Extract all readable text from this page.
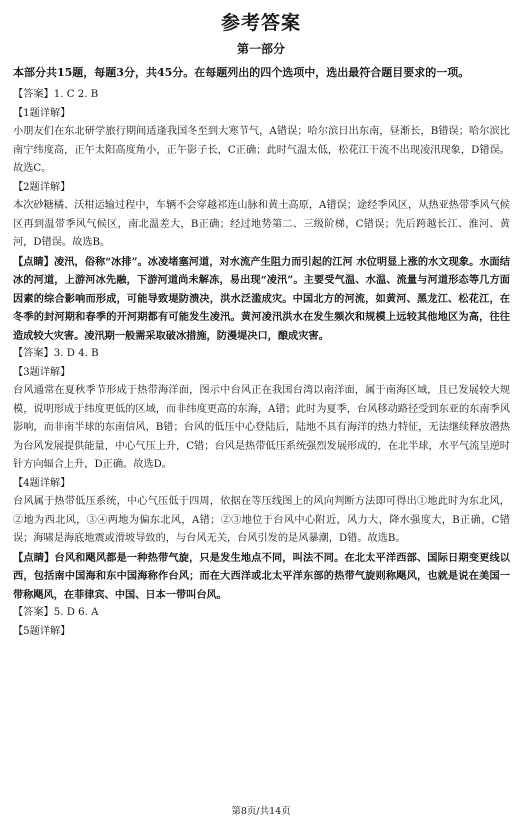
参考答案
第一部分

本部分共15题，每题3分，共45分。在每题列出的四个选项中，选出最符合题目要求的一项。

【答案】1. C 2. B

【1题详解】

小朋友们在东北研学旅行期间适逢我国冬至到大寒节气，A错误；哈尔滨日出东南，昼渐长，B错误；哈尔滨比南宁纬度高，正午太阳高度角小，正午影子长，C正确；此时气温太低，松花江干流不出现凌汛现象，D错误。故选C。

【2题详解】

本次砂糖橘、沃柑运输过程中，车辆不会穿越祁连山脉和黄土高原，A错误；途经季风区，从热亚热带季风气候区再到温带季风气候区，南北温差大，B正确；经过地势第二、三级阶梯，C错误；先后跨越长江、淮河、黄河，D错误。故选B。

【点睛】凌汛，俗称“冰排”。冰凌堵塞河道，对水流产生阻力而引起的江河 水位明显上涨的水文现象。水面结冰的河道，上游河冰先融，下游河道尚未解冻，易出现“凌汛”。主要受气温、水温、流量与河道形态等几方面因素的综合影响而形成，可能导致堤防溃决，洪水泛滥成灾。中国北方的河流，如黄河、黑龙江、松花江，在冬季的封河期和春季的开河期都有可能发生凌汛。黄河凌汛洪水在发生频次和规模上远较其他地区为高，往往造成较大灾害。凌汛期一般需采取破冰措施，防漫堤决口，酿成灾害。

【答案】3. D 4. B

【3题详解】

台风通常在夏秋季节形成于热带海洋面，图示中台风正在我国台湾以南洋面，属于南海区域，且已发展较大规模，说明形成于纬度更低的区域，而非纬度更高的东海，A错；此时为夏季，台风移动路径受到东亚的东南季风影响，而非南半球的东南信风，B错；台风的低压中心登陆后，陆地不具有海洋的热力特征，无法继续释放潜热为台风发展提供能量，中心气压上升，C错；台风是热带低压系统强烈发展形成的，在北半球，水平气流呈逆时针方向辐合上升，D正确。故选D。

【4题详解】

台风属于热带低压系统，中心气压低于四周，依据在等压线图上的风向判断方法即可得出①地此时为东北风，②地为西北风，③④两地为偏东北风，A错；②③地位于台风中心附近，风力大，降水强度大，B正确，C错误；海啸是海底地震或滑坡导致的，与台风无关，台风引发的是风暴潮，D错。故选B。

【点睛】台风和飓风都是一种热带气旋，只是发生地点不同，叫法不同。在北太平洋西部、国际日期变更线以西，包括南中国海和东中国海称作台风；而在大西洋或北太平洋东部的热带气旋则称飓风，也就是说在美国一带称飓风，在菲律宾、中国、日本一带叫台风。

【答案】5. D 6. A

【5题详解】

第8页/共14页
